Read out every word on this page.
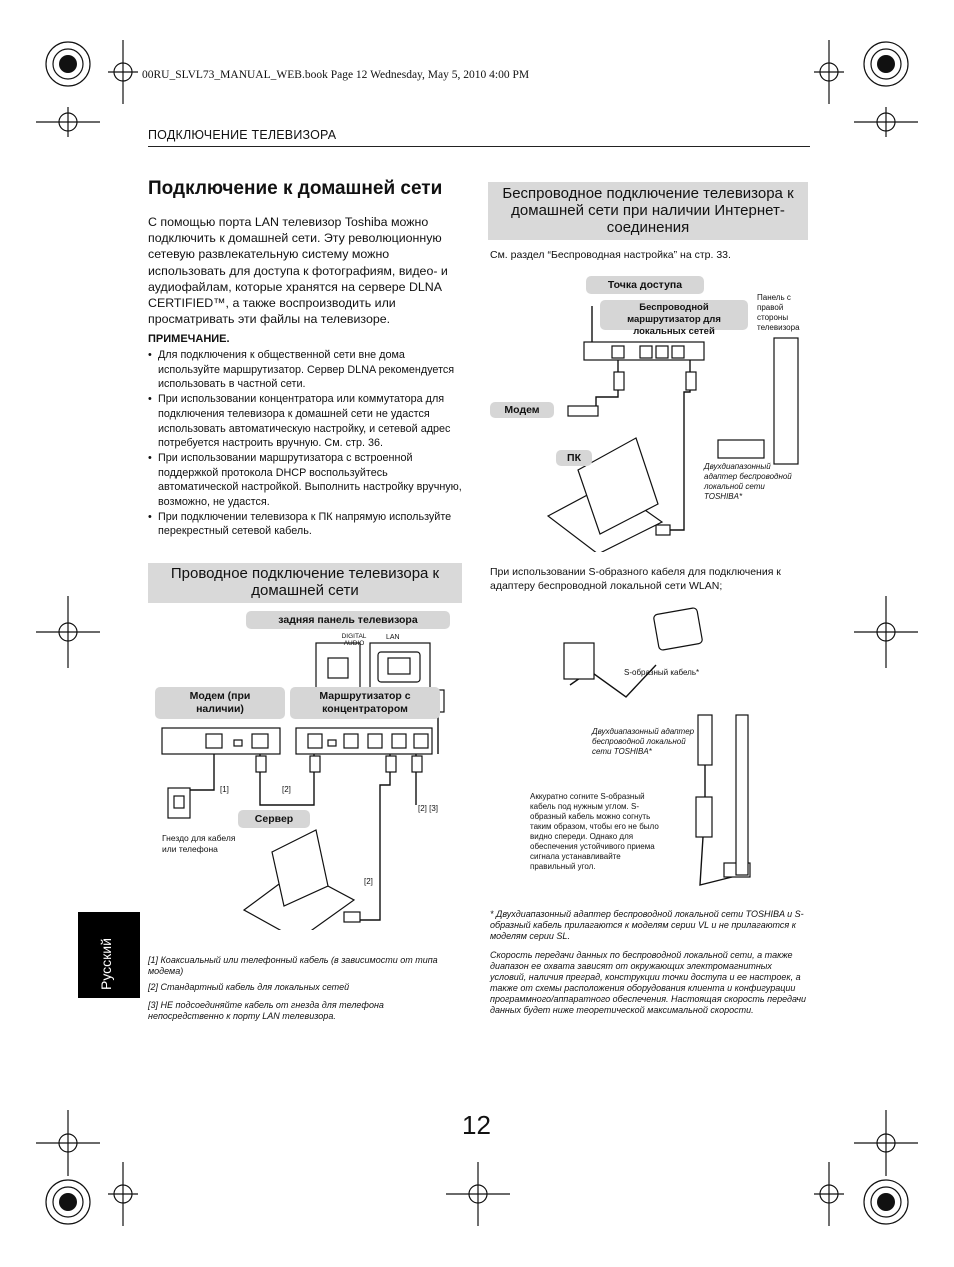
00RU_SLVL73_MANUAL_WEB.book Page 12 Wednesday, May 5, 2010 4:00 PM
ПОДКЛЮЧЕНИЕ ТЕЛЕВИЗОРА
Подключение к домашней сети
С помощью порта LAN телевизор Toshiba можно подключить к домашней сети. Эту революционную сетевую развлекательную систему можно использовать для доступа к фотографиям, видео- и аудиофайлам, которые хранятся на сервере DLNA CERTIFIED™, а также воспроизводить или просматривать эти файлы на телевизоре.
ПРИМЕЧАНИЕ.
• Для подключения к общественной сети вне дома используйте маршрутизатор. Сервер DLNA рекомендуется использовать в частной сети.
• При использовании концентратора или коммутатора для подключения телевизора к домашней сети не удастся использовать автоматическую настройку, и сетевой адрес потребуется настроить вручную. См. стр. 36.
• При использовании маршрутизатора с встроенной поддержкой протокола DHCP воспользуйтесь автоматической настройкой. Выполнить настройку вручную, возможно, не удастся.
• При подключении телевизора к ПК напрямую используйте перекрестный сетевой кабель.
Проводное подключение телевизора к домашней сети
задняя панель телевизора
DIGITAL AUDIO
LAN
Модем (при наличии)
Маршрутизатор с концентратором
Сервер
Гнездо для кабеля или телефона
[1]	[2]
[2] [3]
[2]
[1] Коаксиальный или телефонный кабель (в зависимости от типа модема)
[2] Стандартный кабель для локальных сетей
[3] НЕ подсоединяйте кабель от гнезда для телефона непосредственно к порту LAN телевизора.
Беспроводное подключение телевизора к домашней сети при наличии Интернет-соединения
См. раздел “Беспроводная настройка” на стр. 33.
Точка доступа
Беспроводной маршрутизатор для локальных сетей
Панель с правой стороны телевизора
Модем
ПК
Двухдиапазонный адаптер беспроводной локальной сети TOSHIBA*
При использовании S-образного кабеля для подключения к адаптеру беспроводной локальной сети WLAN;
S-образный кабель*
Двухдиапазонный адаптер беспроводной локальной сети TOSHIBA*
Аккуратно согните S-образный кабель под нужным углом. S-образный кабель можно согнуть таким образом, чтобы его не было видно спереди. Однако для обеспечения устойчивого приема сигнала устанавливайте правильный угол.
* Двухдиапазонный адаптер беспроводной локальной сети TOSHIBA и S-образный кабель прилагаются к моделям серии VL и не прилагаются к моделям серии SL.
Скорость передачи данных по беспроводной локальной сети, а также диапазон ее охвата зависят от окружающих электромагнитных условий, наличия преград, конструкции точки доступа и ее настроек, а также от схемы расположения оборудования клиента и конфигурации программного/аппаратного обеспечения. Настоящая скорость передачи данных будет ниже теоретической максимальной скорости.
Русский
12
